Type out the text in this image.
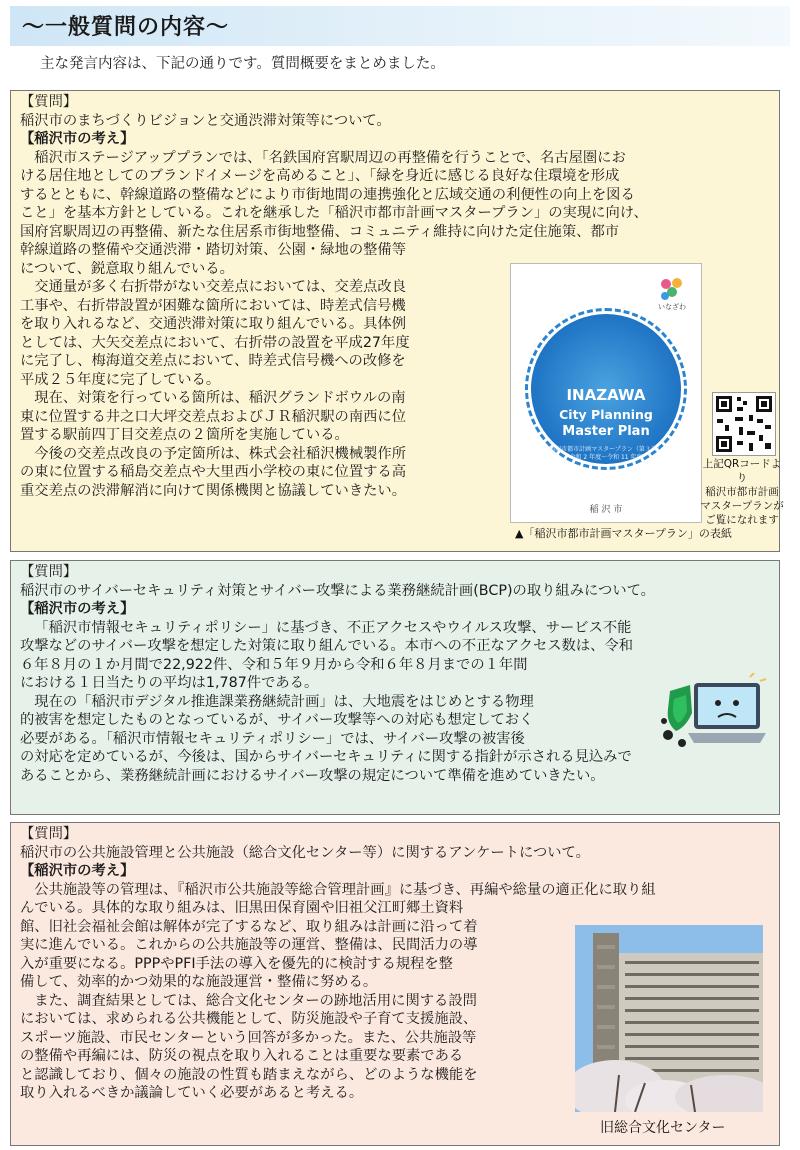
～一般質問の内容～
主な発言内容は、下記の通りです。質問概要をまとめました。

【質問】

稲沢市のまちづくりビジョンと交通渋滞対策等について。

【稲沢市の考え】

稲沢市ステージアッププランでは、「名鉄国府宮駅周辺の再整備を行うことで、名古屋圏にお

ける居住地としてのブランドイメージを高めること」、「緑を身近に感じる良好な住環境を形成

するとともに、幹線道路の整備などにより市街地間の連携強化と広域交通の利便性の向上を図る

こと」を基本方針としている。これを継承した「稲沢市都市計画マスタープラン」の実現に向け、

国府宮駅周辺の再整備、新たな住居系市街地整備、コミュニティ維持に向けた定住施策、都市

幹線道路の整備や交通渋滞・踏切対策、公園・緑地の整備等

について、鋭意取り組んでいる。

交通量が多く右折帯がない交差点においては、交差点改良

工事や、右折帯設置が困難な箇所においては、時差式信号機

を取り入れるなど、交通渋滞対策に取り組んでいる。具体例

としては、大矢交差点において、右折帯の設置を平成27年度

に完了し、梅海道交差点において、時差式信号機への改修を

平成２５年度に完了している。

現在、対策を行っている箇所は、稲沢グランドボウルの南

東に位置する井之口大坪交差点およびＪＲ稲沢駅の南西に位

置する駅前四丁目交差点の２箇所を実施している。

今後の交差点改良の予定箇所は、株式会社稲沢機械製作所

の東に位置する稲島交差点や大里西小学校の東に位置する高

重交差点の渋滞解消に向けて関係機関と協議していきたい。

いなざわ
INAZAWA
City Planning
Master Plan
稲沢市都市計画マスタープラン（第３次）
令和 2 年度～令和 11 年度
稲 沢 市
▲「稲沢市都市計画マスタープラン」の表紙
上記QRコードより
稲沢市都市計画
マスタープランが
ご覧になれます

【質問】

稲沢市のサイバーセキュリティ対策とサイバー攻撃による業務継続計画(BCP)の取り組みについて。

【稲沢市の考え】

「稲沢市情報セキュリティポリシー」に基づき、不正アクセスやウイルス攻撃、サービス不能

攻撃などのサイバー攻撃を想定した対策に取り組んでいる。本市への不正なアクセス数は、令和

６年８月の１か月間で22,922件、令和５年９月から令和６年８月までの１年間

における１日当たりの平均は1,787件である。

現在の「稲沢市デジタル推進課業務継続計画」は、大地震をはじめとする物理

的被害を想定したものとなっているが、サイバー攻撃等への対応も想定しておく

必要がある。「稲沢市情報セキュリティポリシー」では、サイバー攻撃の被害後

の対応を定めているが、今後は、国からサイバーセキュリティに関する指針が示される見込みで

あることから、業務継続計画におけるサイバー攻撃の規定について準備を進めていきたい。

【質問】

稲沢市の公共施設管理と公共施設（総合文化センター等）に関するアンケートについて。

【稲沢市の考え】

公共施設等の管理は、『稲沢市公共施設等総合管理計画』に基づき、再編や総量の適正化に取り組

んでいる。具体的な取り組みは、旧黒田保育園や旧祖父江町郷土資料

館、旧社会福祉会館は解体が完了するなど、取り組みは計画に沿って着

実に進んでいる。これからの公共施設等の運営、整備は、民間活力の導

入が重要になる。PPPやPFI手法の導入を優先的に検討する規程を整

備して、効率的かつ効果的な施設運営・整備に努める。

また、調査結果としては、総合文化センターの跡地活用に関する設問

においては、求められる公共機能として、防災施設や子育て支援施設、

スポーツ施設、市民センターという回答が多かった。また、公共施設等

の整備や再編には、防災の視点を取り入れることは重要な要素である

と認識しており、個々の施設の性質も踏まえながら、どのような機能を

取り入れるべきか議論していく必要があると考える。

旧総合文化センター
